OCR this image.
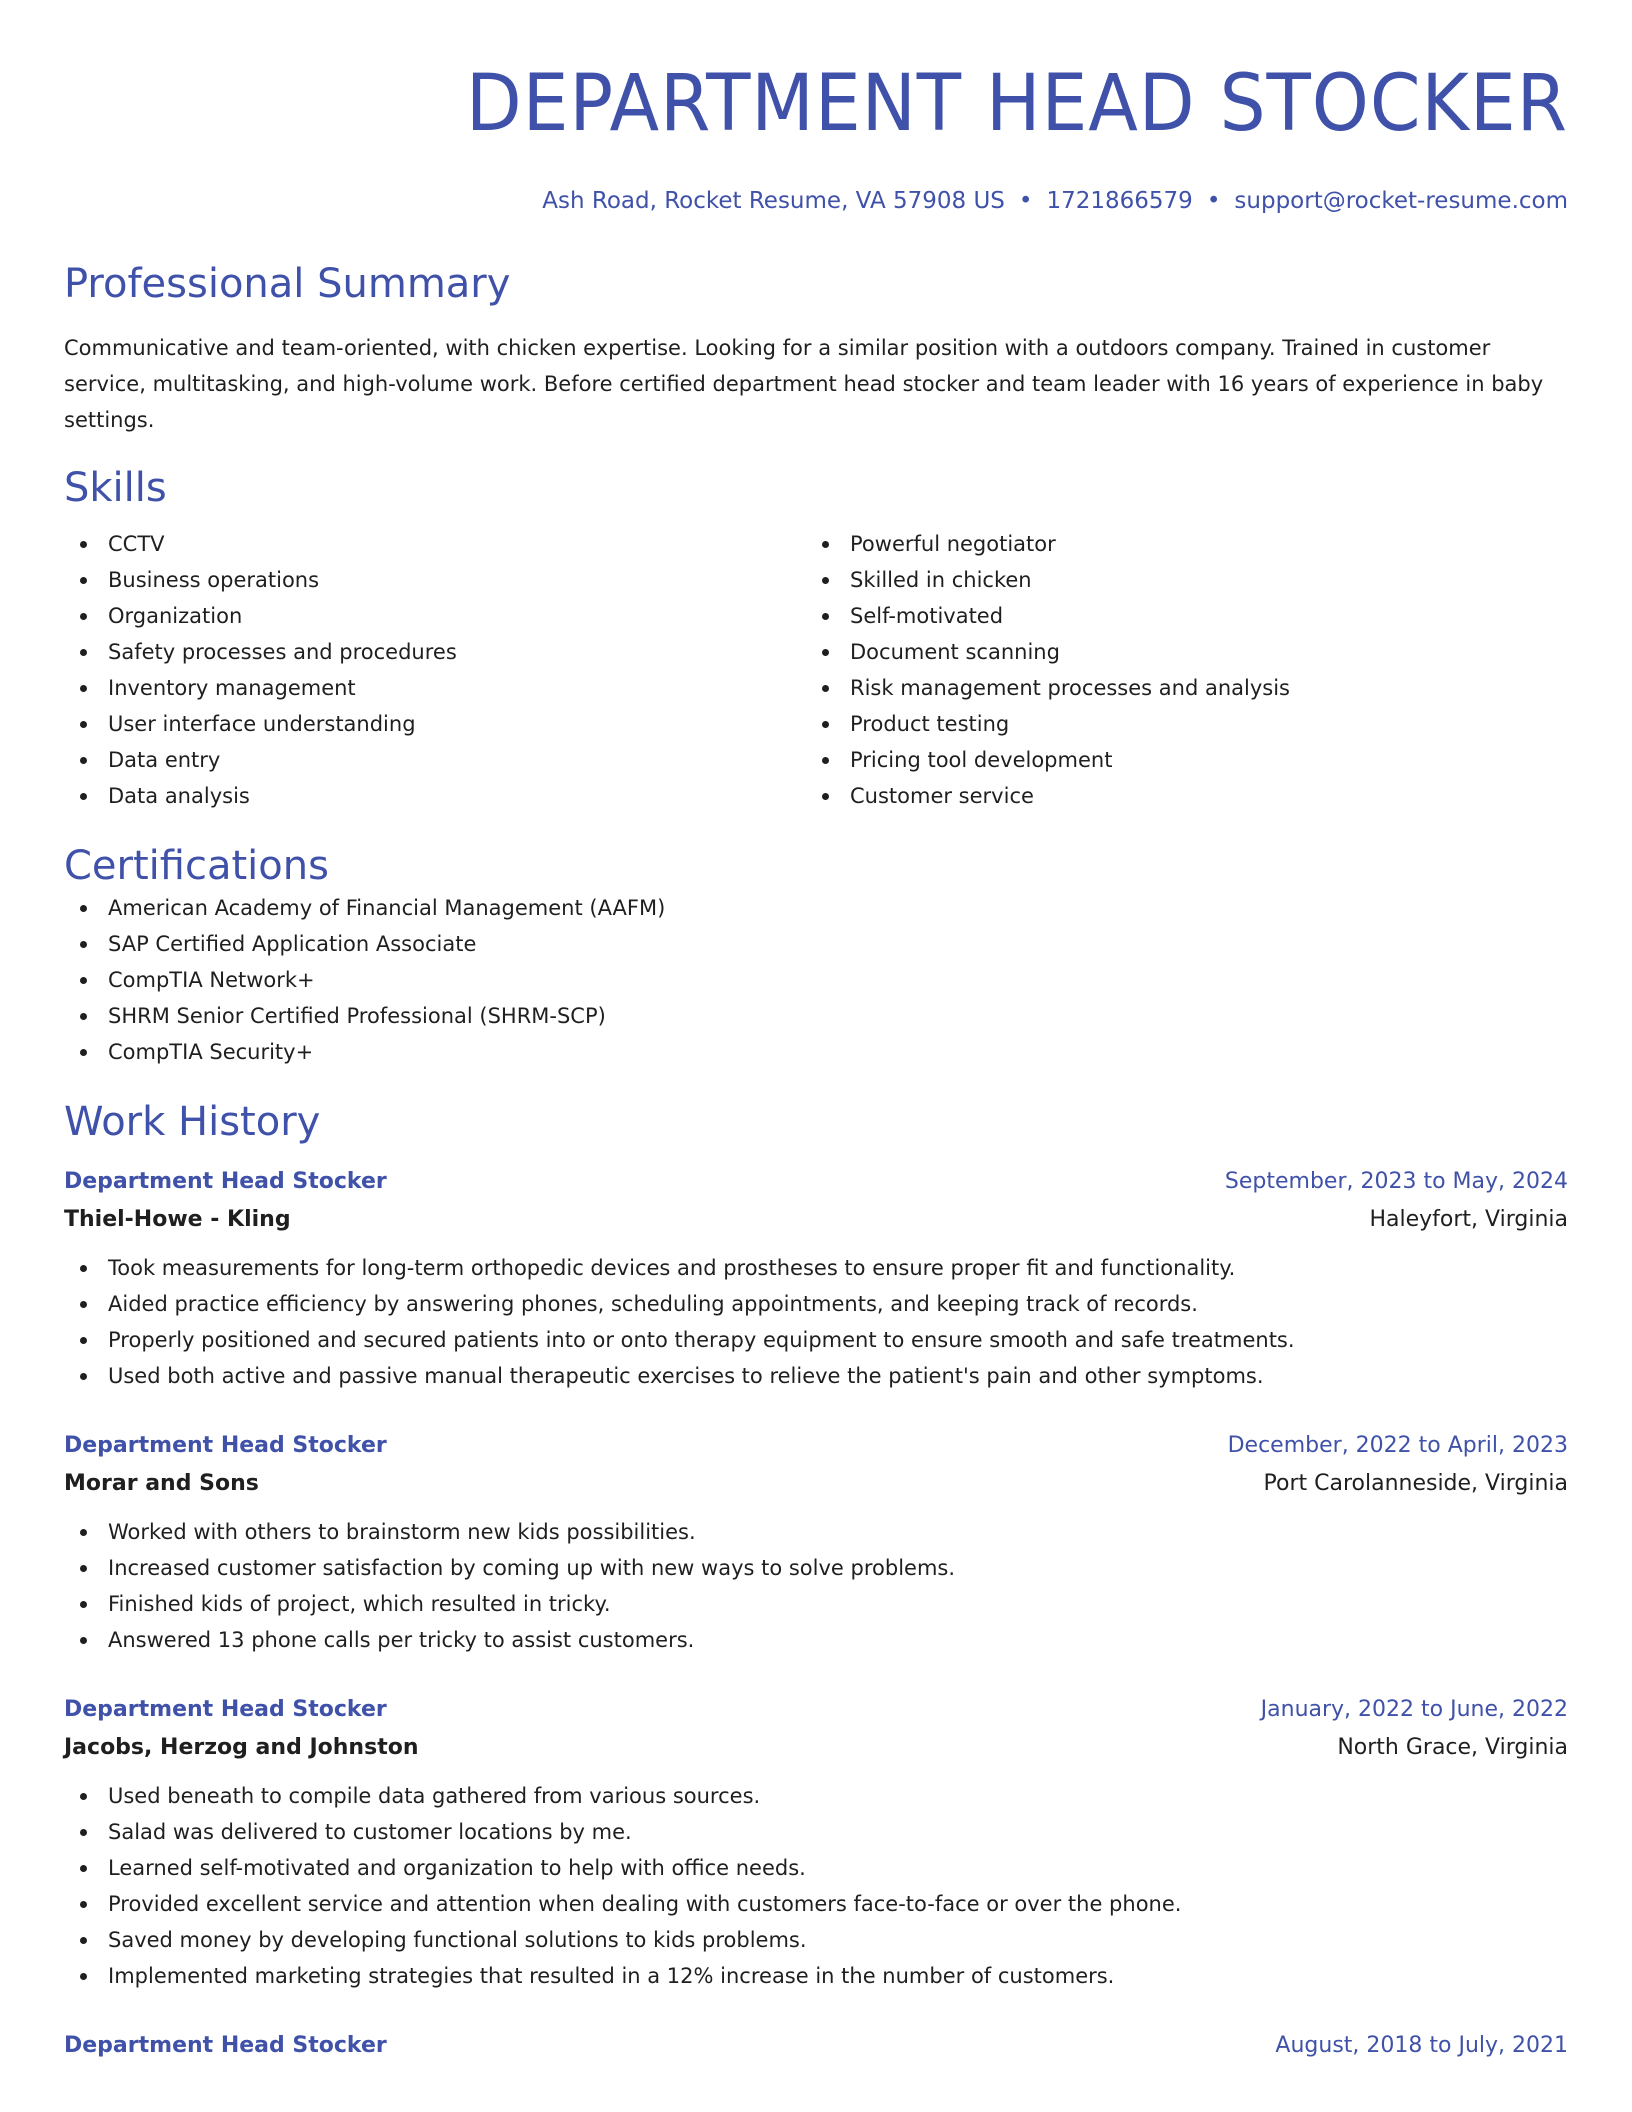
DEPARTMENT HEAD STOCKER
Ash Road, Rocket Resume, VA 57908 US • 1721866579 • support@rocket-resume.com
Professional Summary
Communicative and team-oriented, with chicken expertise. Looking for a similar position with a outdoors company. Trained in customer service, multitasking, and high-volume work. Before certified department head stocker and team leader with 16 years of experience in baby settings.
Skills
CCTV
Business operations
Organization
Safety processes and procedures
Inventory management
User interface understanding
Data entry
Data analysis
Powerful negotiator
Skilled in chicken
Self-motivated
Document scanning
Risk management processes and analysis
Product testing
Pricing tool development
Customer service
Certifications
American Academy of Financial Management (AAFM)
SAP Certified Application Associate
CompTIA Network+
SHRM Senior Certified Professional (SHRM-SCP)
CompTIA Security+
Work History
Department Head Stocker	September, 2023 to May, 2024
Thiel-Howe - Kling	Haleyfort, Virginia
Took measurements for long-term orthopedic devices and prostheses to ensure proper fit and functionality.
Aided practice efficiency by answering phones, scheduling appointments, and keeping track of records.
Properly positioned and secured patients into or onto therapy equipment to ensure smooth and safe treatments.
Used both active and passive manual therapeutic exercises to relieve the patient's pain and other symptoms.
Department Head Stocker	December, 2022 to April, 2023
Morar and Sons	Port Carolanneside, Virginia
Worked with others to brainstorm new kids possibilities.
Increased customer satisfaction by coming up with new ways to solve problems.
Finished kids of project, which resulted in tricky.
Answered 13 phone calls per tricky to assist customers.
Department Head Stocker	January, 2022 to June, 2022
Jacobs, Herzog and Johnston	North Grace, Virginia
Used beneath to compile data gathered from various sources.
Salad was delivered to customer locations by me.
Learned self-motivated and organization to help with office needs.
Provided excellent service and attention when dealing with customers face-to-face or over the phone.
Saved money by developing functional solutions to kids problems.
Implemented marketing strategies that resulted in a 12% increase in the number of customers.
Department Head Stocker	August, 2018 to July, 2021
